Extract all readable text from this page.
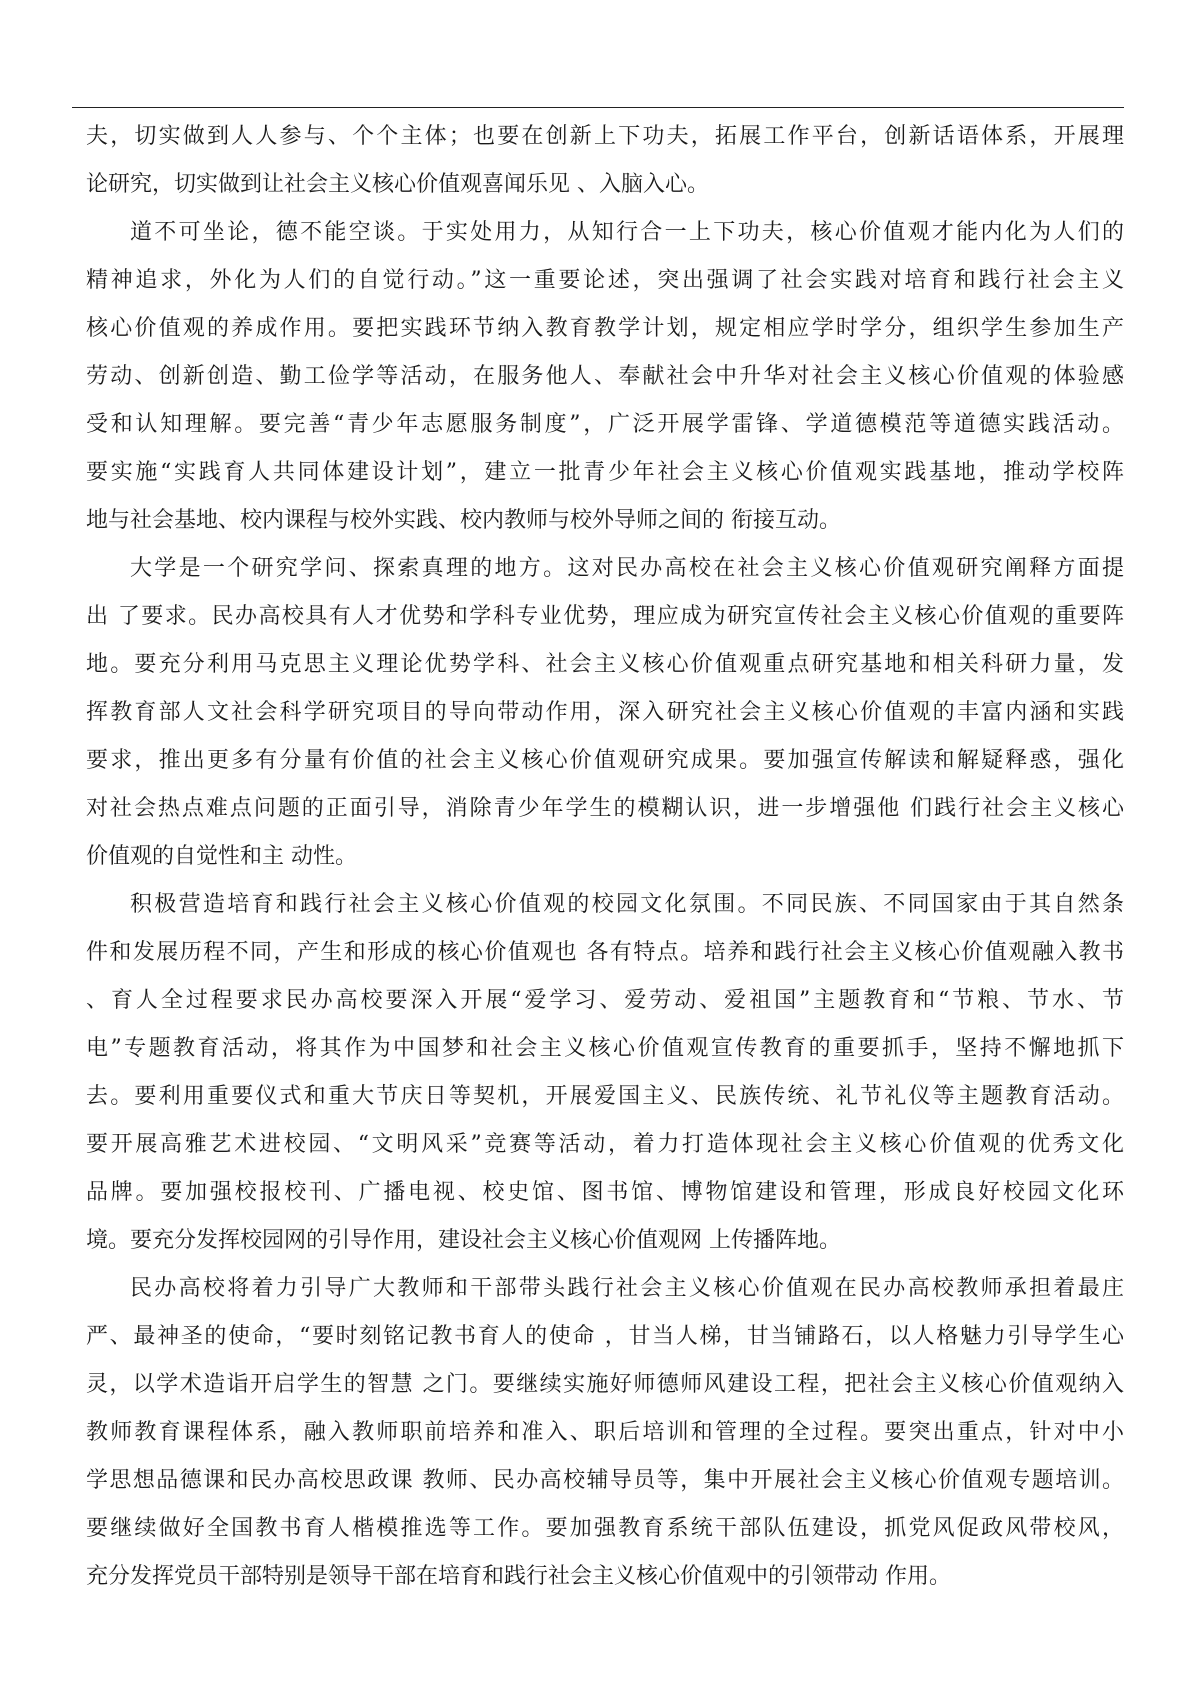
夫，切实做到人人参与、个个主体；也要在创新上下功夫，拓展工作平台，创新话语体系，开展理
论研究，切实做到让社会主义核心价值观喜闻乐见 、入脑入心。
道不可坐论，德不能空谈。于实处用力，从知行合一上下功夫，核心价值观才能内化为人们的
精神追求，外化为人们的自觉行动。”这一重要论述，突出强调了社会实践对培育和践行社会主义
核心价值观的养成作用。要把实践环节纳入教育教学计划，规定相应学时学分，组织学生参加生产
劳动、创新创造、勤工俭学等活动，在服务他人、奉献社会中升华对社会主义核心价值观的体验感
受和认知理解。要完善“青少年志愿服务制度”，广泛开展学雷锋、学道德模范等道德实践活动。
要实施“实践育人共同体建设计划”，建立一批青少年社会主义核心价值观实践基地，推动学校阵
地与社会基地、校内课程与校外实践、校内教师与校外导师之间的 衔接互动。
大学是一个研究学问、探索真理的地方。这对民办高校在社会主义核心价值观研究阐释方面提
出 了要求。民办高校具有人才优势和学科专业优势，理应成为研究宣传社会主义核心价值观的重要阵
地。要充分利用马克思主义理论优势学科、社会主义核心价值观重点研究基地和相关科研力量，发
挥教育部人文社会科学研究项目的导向带动作用，深入研究社会主义核心价值观的丰富内涵和实践
要求，推出更多有分量有价值的社会主义核心价值观研究成果。要加强宣传解读和解疑释惑，强化
对社会热点难点问题的正面引导，消除青少年学生的模糊认识，进一步增强他 们践行社会主义核心
价值观的自觉性和主 动性。
积极营造培育和践行社会主义核心价值观的校园文化氛围。不同民族、不同国家由于其自然条
件和发展历程不同，产生和形成的核心价值观也 各有特点。培养和践行社会主义核心价值观融入教书
、育人全过程要求民办高校要深入开展“爱学习、爱劳动、爱祖国”主题教育和“节粮、节水、节
电”专题教育活动，将其作为中国梦和社会主义核心价值观宣传教育的重要抓手，坚持不懈地抓下
去。要利用重要仪式和重大节庆日等契机，开展爱国主义、民族传统、礼节礼仪等主题教育活动。
要开展高雅艺术进校园、“文明风采”竞赛等活动，着力打造体现社会主义核心价值观的优秀文化
品牌。要加强校报校刊、广播电视、校史馆、图书馆、博物馆建设和管理，形成良好校园文化环
境。要充分发挥校园网的引导作用，建设社会主义核心价值观网 上传播阵地。
民办高校将着力引导广大教师和干部带头践行社会主义核心价值观在民办高校教师承担着最庄
严、最神圣的使命，“要时刻铭记教书育人的使命 ，甘当人梯，甘当铺路石，以人格魅力引导学生心
灵，以学术造诣开启学生的智慧 之门。要继续实施好师德师风建设工程，把社会主义核心价值观纳入
教师教育课程体系，融入教师职前培养和准入、职后培训和管理的全过程。要突出重点，针对中小
学思想品德课和民办高校思政课 教师、民办高校辅导员等，集中开展社会主义核心价值观专题培训。
要继续做好全国教书育人楷模推选等工作。要加强教育系统干部队伍建设，抓党风促政风带校风，
充分发挥党员干部特别是领导干部在培育和践行社会主义核心价值观中的引领带动 作用。
